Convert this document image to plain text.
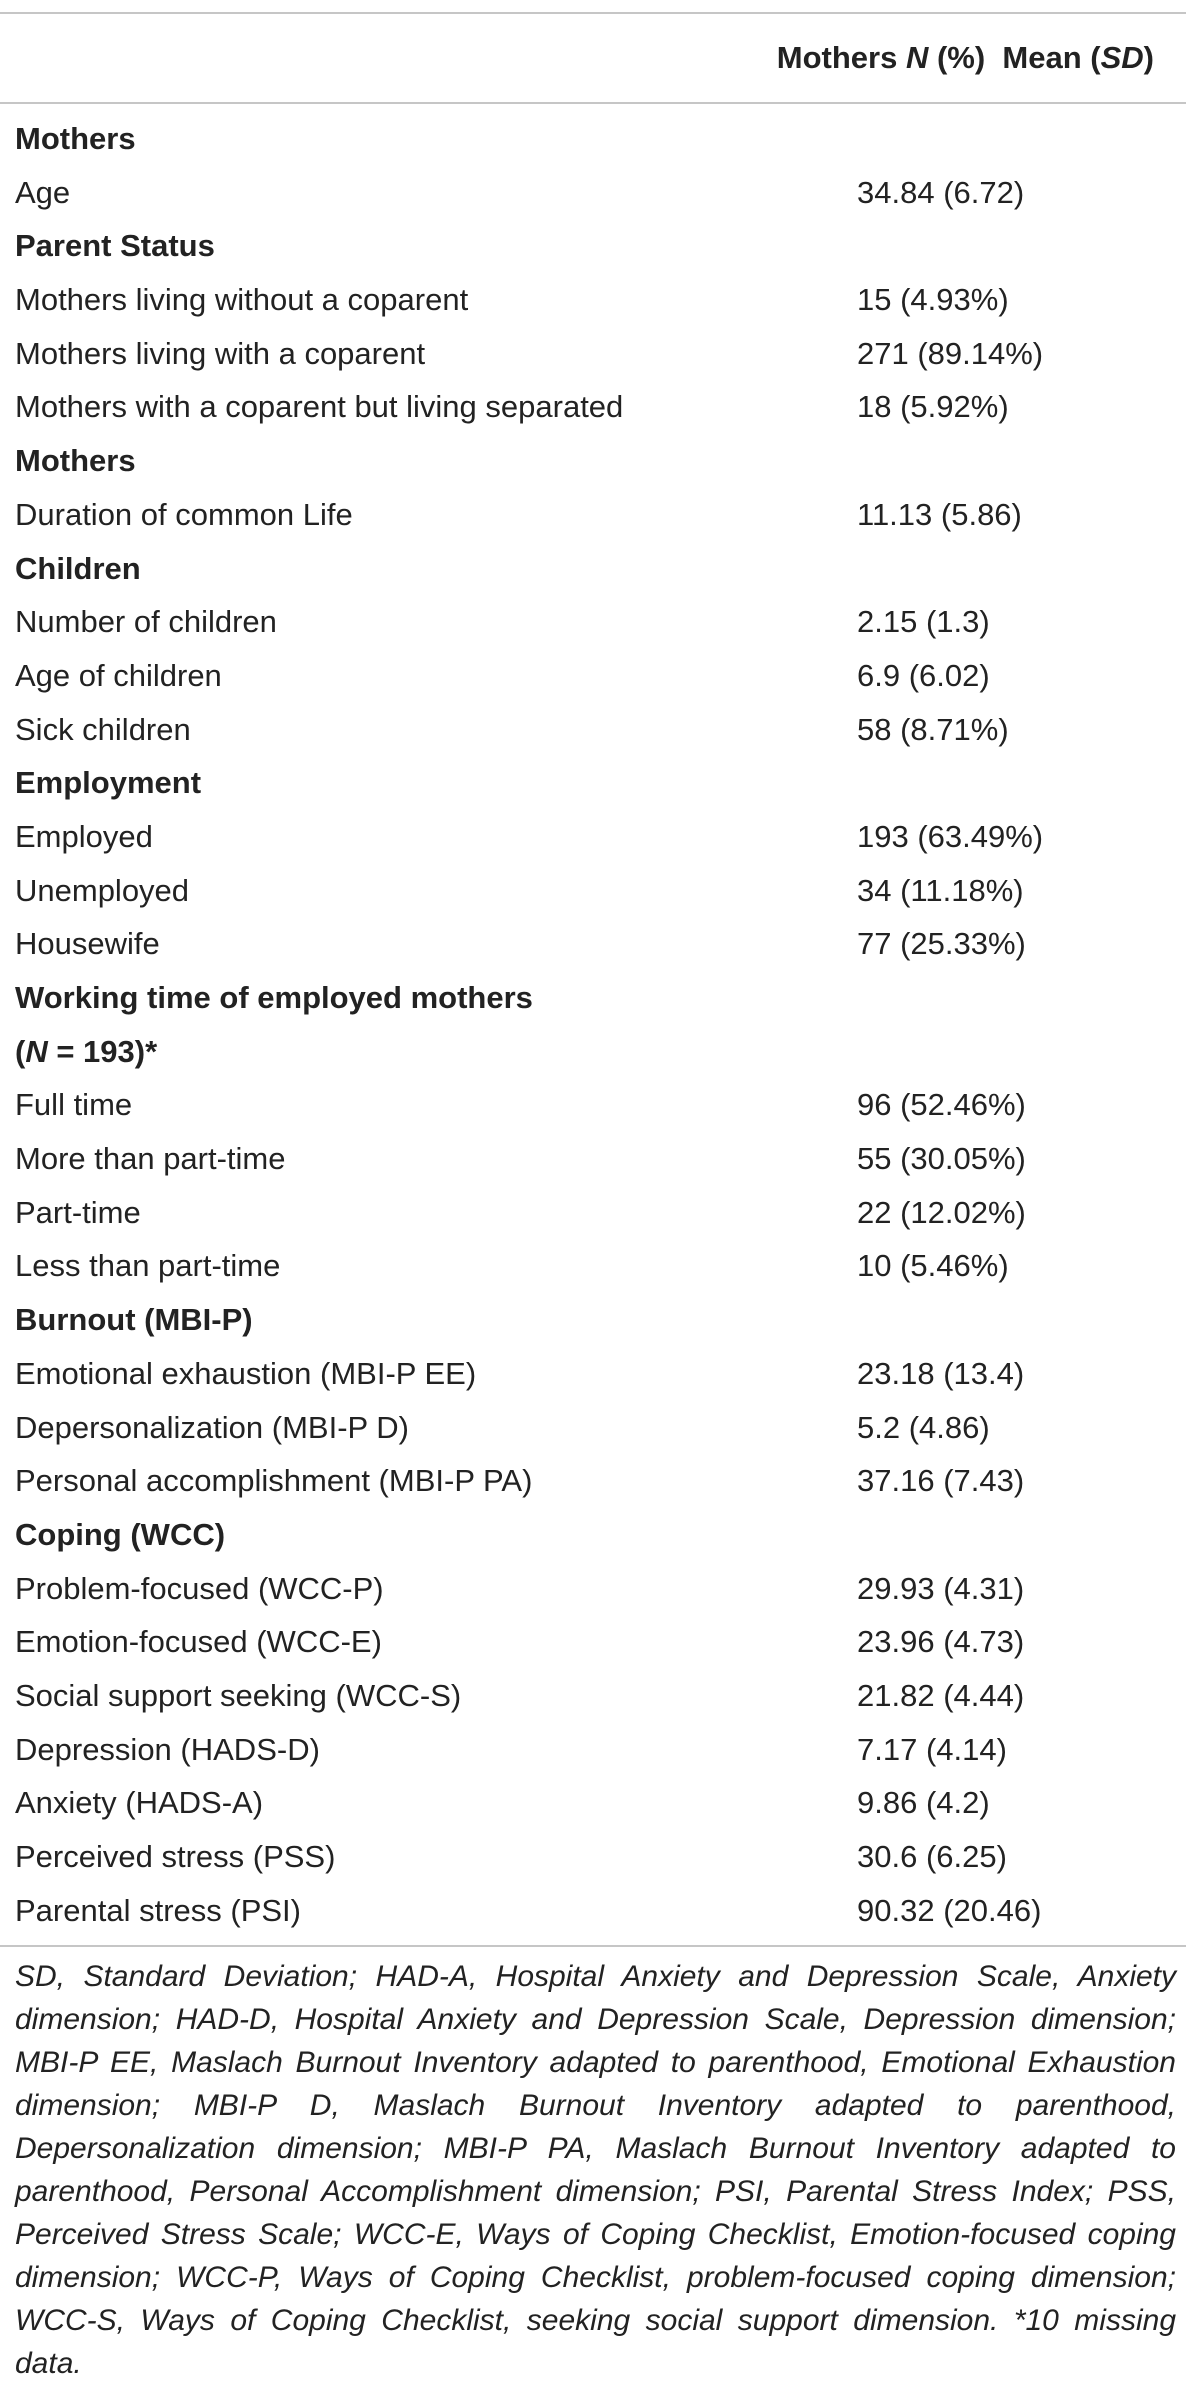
Mothers N (%)  Mean (SD)
Mothers
Age	34.84 (6.72)
Parent Status
Mothers living without a coparent	15 (4.93%)
Mothers living with a coparent	271 (89.14%)
Mothers with a coparent but living separated	18 (5.92%)
Mothers
Duration of common Life	11.13 (5.86)
Children
Number of children	2.15 (1.3)
Age of children	6.9 (6.02)
Sick children	58 (8.71%)
Employment
Employed	193 (63.49%)
Unemployed	34 (11.18%)
Housewife	77 (25.33%)
Working time of employed mothers
(N = 193)*
Full time	96 (52.46%)
More than part-time	55 (30.05%)
Part-time	22 (12.02%)
Less than part-time	10 (5.46%)
Burnout (MBI-P)
Emotional exhaustion (MBI-P EE)	23.18 (13.4)
Depersonalization (MBI-P D)	5.2 (4.86)
Personal accomplishment (MBI-P PA)	37.16 (7.43)
Coping (WCC)
Problem-focused (WCC-P)	29.93 (4.31)
Emotion-focused (WCC-E)	23.96 (4.73)
Social support seeking (WCC-S)	21.82 (4.44)
Depression (HADS-D)	7.17 (4.14)
Anxiety (HADS-A)	9.86 (4.2)
Perceived stress (PSS)	30.6 (6.25)
Parental stress (PSI)	90.32 (20.46)
SD, Standard Deviation; HAD-A, Hospital Anxiety and Depression Scale, Anxiety dimension; HAD-D, Hospital Anxiety and Depression Scale, Depression dimension; MBI-P EE, Maslach Burnout Inventory adapted to parenthood, Emotional Exhaustion dimension; MBI-P D, Maslach Burnout Inventory adapted to parenthood, Depersonalization dimension; MBI-P PA, Maslach Burnout Inventory adapted to parenthood, Personal Accomplishment dimension; PSI, Parental Stress Index; PSS, Perceived Stress Scale; WCC-E, Ways of Coping Checklist, Emotion-focused coping dimension; WCC-P, Ways of Coping Checklist, problem-focused coping dimension; WCC-S, Ways of Coping Checklist, seeking social support dimension. *10 missing data.
